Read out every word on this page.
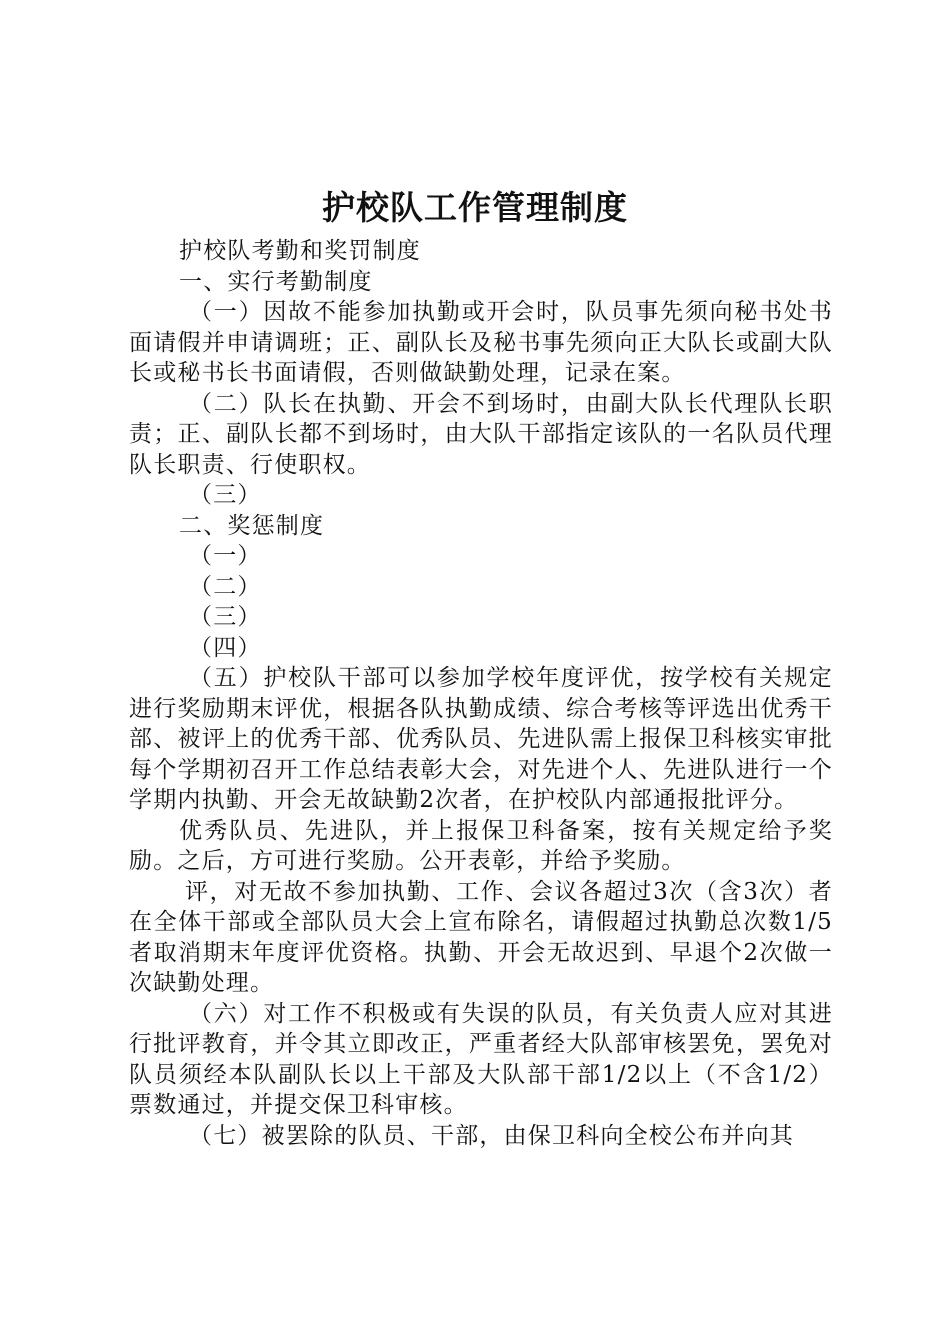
护校队工作管理制度

护校队考勤和奖罚制度

一、实行考勤制度

（一）因故不能参加执勤或开会时，队员事先须向秘书处书面请假并申请调班；正、副队长及秘书事先须向正大队长或副大队长或秘书长书面请假，否则做缺勤处理，记录在案。

（二）队长在执勤、开会不到场时，由副大队长代理队长职责；正、副队长都不到场时，由大队干部指定该队的一名队员代理队长职责、行使职权。

（三）

二、奖惩制度

（一）

（二）

（三）

（四）

（五）护校队干部可以参加学校年度评优，按学校有关规定进行奖励期末评优，根据各队执勤成绩、综合考核等评选出优秀干部、被评上的优秀干部、优秀队员、先进队需上报保卫科核实审批每个学期初召开工作总结表彰大会，对先进个人、先进队进行一个学期内执勤、开会无故缺勤2次者，在护校队内部通报批评分。

优秀队员、先进队，并上报保卫科备案，按有关规定给予奖励。之后，方可进行奖励。公开表彰，并给予奖励。

评，对无故不参加执勤、工作、会议各超过3次（含3次）者在全体干部或全部队员大会上宣布除名，请假超过执勤总次数1/5者取消期末年度评优资格。执勤、开会无故迟到、早退个2次做一次缺勤处理。

（六）对工作不积极或有失误的队员，有关负责人应对其进行批评教育，并令其立即改正，严重者经大队部审核罢免，罢免对队员须经本队副队长以上干部及大队部干部1/2以上（不含1/2）票数通过，并提交保卫科审核。

（七）被罢除的队员、干部，由保卫科向全校公布并向其
